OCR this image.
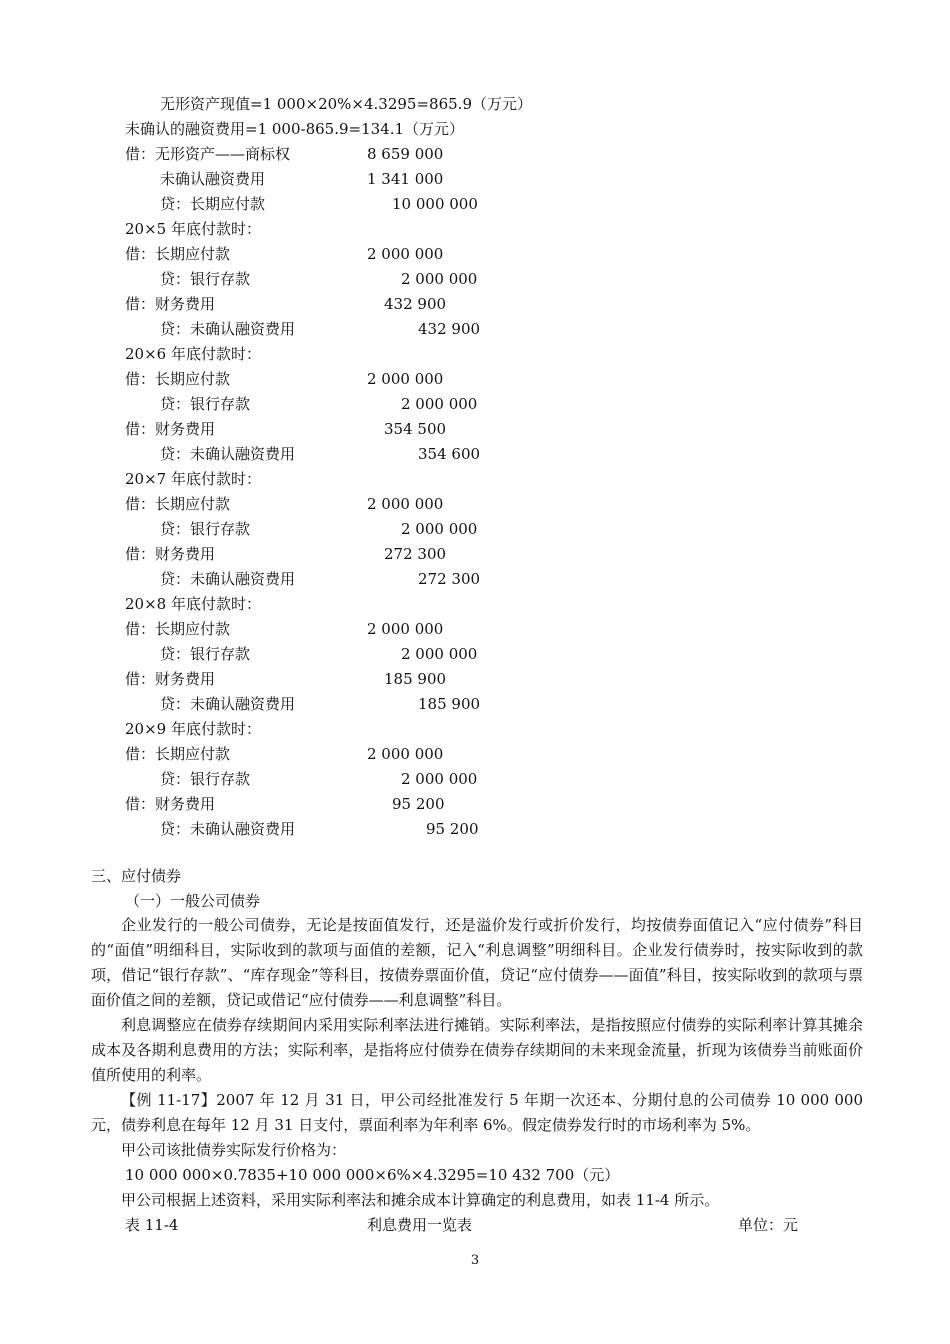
无形资产现值=1 000×20%×4.3295=865.9（万元）
未确认的融资费用=1 000-865.9=134.1（万元）
借：无形资产——商标权	8 659 000
未确认融资费用	1 341 000
贷：长期应付款	10 000 000
20×5 年底付款时：
借：长期应付款	2 000 000
贷：银行存款	2 000 000
借：财务费用	432 900
贷：未确认融资费用	432 900
20×6 年底付款时：
借：长期应付款	2 000 000
贷：银行存款	2 000 000
借：财务费用	354 500
贷：未确认融资费用	354 600
20×7 年底付款时：
借：长期应付款	2 000 000
贷：银行存款	2 000 000
借：财务费用	272 300
贷：未确认融资费用	272 300
20×8 年底付款时：
借：长期应付款	2 000 000
贷：银行存款	2 000 000
借：财务费用	185 900
贷：未确认融资费用	185 900
20×9 年底付款时：
借：长期应付款	2 000 000
贷：银行存款	2 000 000
借：财务费用	95 200
贷：未确认融资费用	95 200
三、应付债券
（一）一般公司债券
企业发行的一般公司债券，无论是按面值发行，还是溢价发行或折价发行，均按债券面值记入“应付债券”科目的“面值”明细科目，实际收到的款项与面值的差额，记入“利息调整”明细科目。企业发行债券时，按实际收到的款项，借记“银行存款”、“库存现金”等科目，按债券票面价值，贷记“应付债券——面值”科目，按实际收到的款项与票面价值之间的差额，贷记或借记“应付债券——利息调整”科目。
利息调整应在债券存续期间内采用实际利率法进行摊销。实际利率法，是指按照应付债券的实际利率计算其摊余成本及各期利息费用的方法；实际利率，是指将应付债券在债券存续期间的未来现金流量，折现为该债券当前账面价值所使用的利率。
【例 11-17】2007 年 12 月 31 日，甲公司经批准发行 5 年期一次还本、分期付息的公司债券 10 000 000 元，债券利息在每年 12 月 31 日支付，票面利率为年利率 6%。假定债券发行时的市场利率为 5%。
甲公司该批债券实际发行价格为：
10 000 000×0.7835+10 000 000×6%×4.3295=10 432 700（元）
甲公司根据上述资料，采用实际利率法和摊余成本计算确定的利息费用，如表 11-4 所示。
表 11-4	利息费用一览表	单位：元
3
